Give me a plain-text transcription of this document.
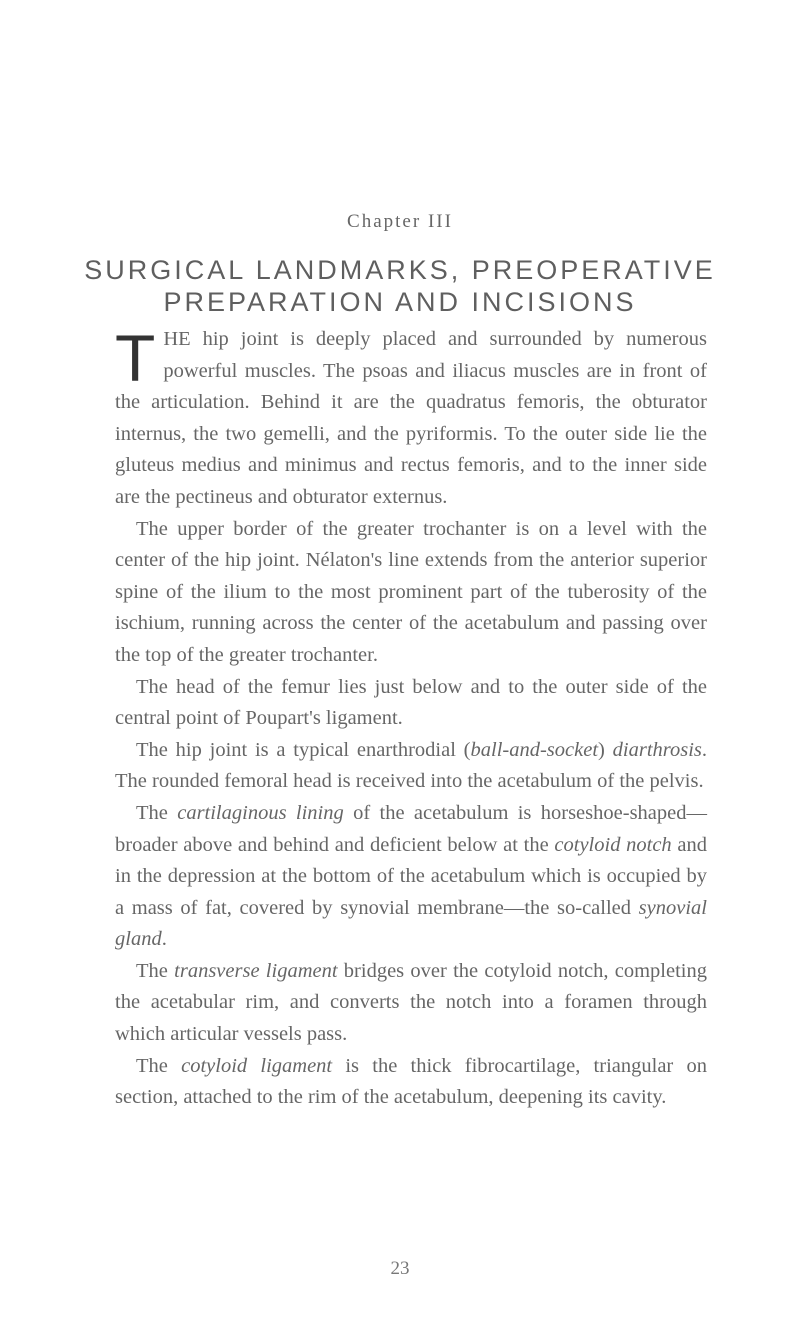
Chapter III
SURGICAL LANDMARKS, PREOPERATIVE
PREPARATION AND INCISIONS

THE hip joint is deeply placed and surrounded by numerous powerful muscles. The psoas and iliacus muscles are in front of the articulation. Behind it are the quadratus femoris, the obturator internus, the two gemelli, and the pyriformis. To the outer side lie the gluteus medius and minimus and rectus femoris, and to the inner side are the pectineus and obturator externus.

The upper border of the greater trochanter is on a level with the center of the hip joint. Nélaton's line extends from the anterior superior spine of the ilium to the most prominent part of the tuberosity of the ischium, running across the center of the acetabulum and passing over the top of the greater trochanter.

The head of the femur lies just below and to the outer side of the central point of Poupart's ligament.

The hip joint is a typical enarthrodial (ball-and-socket) diarthrosis. The rounded femoral head is received into the acetabulum of the pelvis.

The cartilaginous lining of the acetabulum is horseshoe-shaped—broader above and behind and deficient below at the cotyloid notch and in the depression at the bottom of the acetabulum which is occupied by a mass of fat, covered by synovial membrane—the so-called synovial gland.

The transverse ligament bridges over the cotyloid notch, completing the acetabular rim, and converts the notch into a foramen through which articular vessels pass.

The cotyloid ligament is the thick fibrocartilage, triangular on section, attached to the rim of the acetabulum, deepening its cavity.

23
